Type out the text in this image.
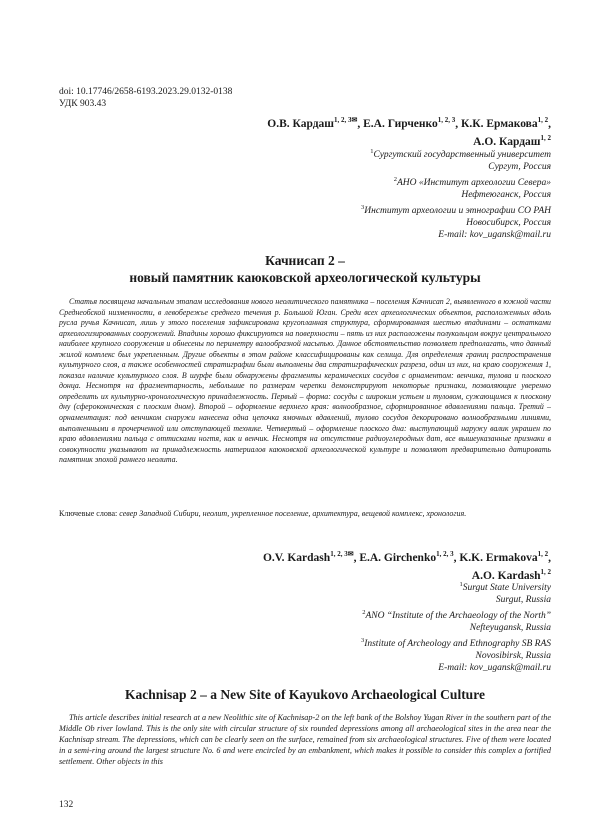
doi: 10.17746/2658-6193.2023.29.0132-0138
УДК 903.43
О.В. Кардаш$^{1, 2, 3✉}$, Е.А. Гирченко$^{1, 2, 3}$, К.К. Ермакова$^{1, 2}$,
А.О. Кардаш$^{1, 2}$
$^1$Сургутский государственный университет
Сургут, Россия
$^2$АНО «Институт археологии Севера»
Нефтеюганск, Россия
$^3$Институт археологии и этнографии СО РАН
Новосибирск, Россия
E-mail: kov_ugansk@mail.ru
Качнисап 2 –
новый памятник каюковской археологической культуры

Статья посвящена начальным этапам исследования нового неолитического памятника – поселения Качнисап 2, выявленного в южной части Среднеобской низменности, в левобережье среднего течения р. Большой Юган. Среди всех археологических объектов, расположенных вдоль русла ручья Качнисап, лишь у этого поселения зафиксирована кругопланная структура, сформированная шестью впадинами – остатками археологизированных сооружений. Впадины хорошо фиксируются на поверхности – пять из них расположены полукольцом вокруг центрального наиболее крупного сооружения и обнесены по периметру валообразной насыпью. Данное обстоятельство позволяет предполагать, что данный жилой комплекс был укрепленным. Другие объекты в этом районе классифицированы как селища. Для определения границ распространения культурного слоя, а также особенностей стратиграфии были выполнены два стратиграфических разреза, один из них, на краю сооружения 1, показал наличие культурного слоя. В шурфе были обнаружены фрагменты керамических сосудов с орнаментом: венчика, тулова и плоского донца. Несмотря на фрагментарность, небольшие по размерам черепки демонстрируют некоторые признаки, позволяющие уверенно определить их культурно-хронологическую принадлежность. Первый – форма: сосуды с широким устьем и туловом, сужающимся к плоскому дну (сфероконическая с плоским дном). Второй – оформление верхнего края: волнообразное, сформированное вдавлениями пальца. Третий – орнаментация: под венчиком снаружи нанесена одна цепочка ямочных вдавлений, тулово сосудов декорировано волнообразными линиями, выполненными в прочерченной или отступающей технике. Четвертый – оформление плоского дна: выступающий наружу валик украшен по краю вдавлениями пальца с оттисками ногтя, как и венчик. Несмотря на отсутствие радиоуглеродных дат, все вышеуказанные признаки в совокупности указывают на принадлежность материалов каюковской археологической культуре и позволяют предварительно датировать памятник эпохой раннего неолита.

Ключевые слова: север Западной Сибири, неолит, укрепленное поселение, архитектура, вещевой комплекс, хронология.
O.V. Kardash$^{1, 2, 3✉}$, E.A. Girchenko$^{1, 2, 3}$, K.K. Ermakova$^{1, 2}$,
A.O. Kardash$^{1, 2}$
$^1$Surgut State University
Surgut, Russia
$^2$ANO “Institute of the Archaeology of the North”
Nefteyugansk, Russia
$^3$Institute of Archeology and Ethnography SB RAS
Novosibirsk, Russia
E-mail: kov_ugansk@mail.ru
Kachnisap 2 – a New Site of Kayukovo Archaeological Culture

This article describes initial research at a new Neolithic site of Kachnisap-2 on the left bank of the Bolshoy Yugan River in the southern part of the Middle Ob river lowland. This is the only site with circular structure of six rounded depressions among all archaeological sites in the area near the Kachnisap stream. The depressions, which can be clearly seen on the surface, remained from six archaeological structures. Five of them were located in a semi-ring around the largest structure No. 6 and were encircled by an embankment, which makes it possible to consider this complex a fortified settlement. Other objects in this

132
